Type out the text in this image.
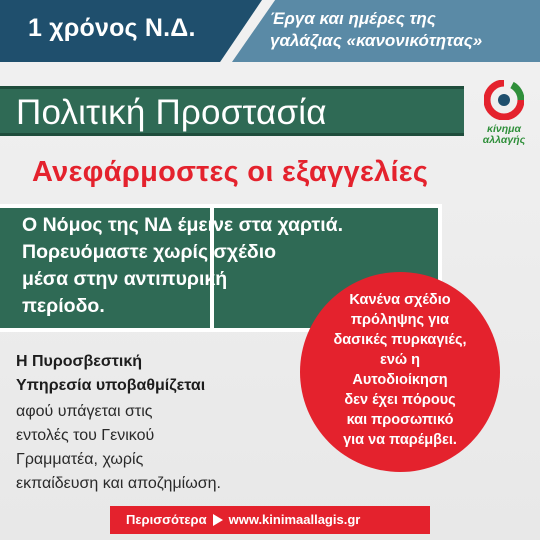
1 χρόνος Ν.Δ.	Έργα και ημέρες της
γαλάζιας «κανονικότητας»
Πολιτική Προστασία	κίνημα
αλλαγής
Ανεφάρμοστες οι εξαγγελίες
Ο Νόμος της ΝΔ έμεινε στα χαρτιά.
Πορευόμαστε χωρίς σχέδιο
μέσα στην αντιπυρική
περίοδο.	Κανένα σχέδιο
πρόληψης για
δασικές πυρκαγιές,
ενώ η
Αυτοδιοίκηση
δεν έχει πόρους
και προσωπικό
για να παρέμβει.
Η Πυροσβεστική
Υπηρεσία υποβαθμίζεται
αφού υπάγεται στις
εντολές του Γενικού
Γραμματέα, χωρίς
εκπαίδευση και αποζημίωση.
Περισσότερα www.kinimaallagis.gr
